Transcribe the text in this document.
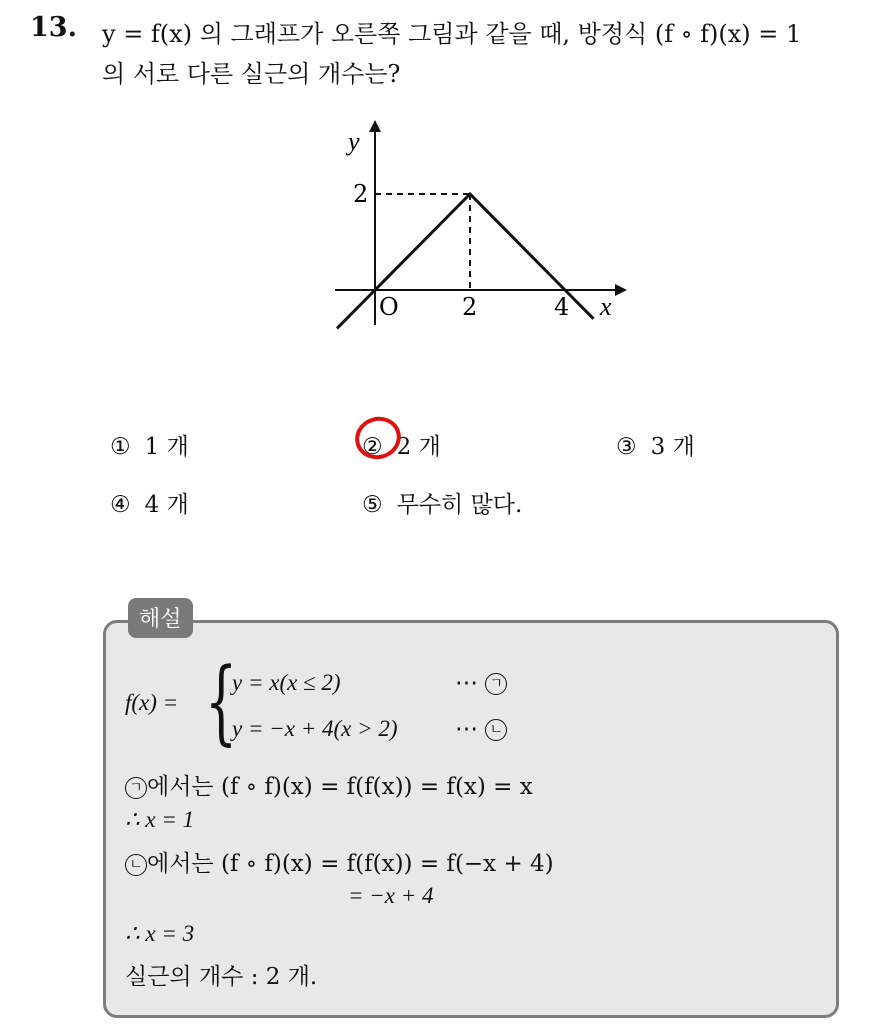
13. y = f(x) 의 그래프가 오른쪽 그림과 같을 때, 방정식 (f ∘ f)(x) = 1
의 서로 다른 실근의 개수는?
y
2
O	2	4 x
① 1 개	② 2 개	③ 3 개
④ 4 개	⑤ 무수히 많다.
해설
f(x) = {
y = x(x ≤ 2)	⋯ ㄱ
y = −x + 4(x > 2) ⋯ ㄴ
ㄱ 에서는 (f ∘ f)(x) = f(f(x)) = f(x) = x
∴ x = 1
ㄴ 에서는 (f ∘ f)(x) = f(f(x)) = f(−x + 4)
= −x + 4
∴ x = 3
실근의 개수 : 2 개.
